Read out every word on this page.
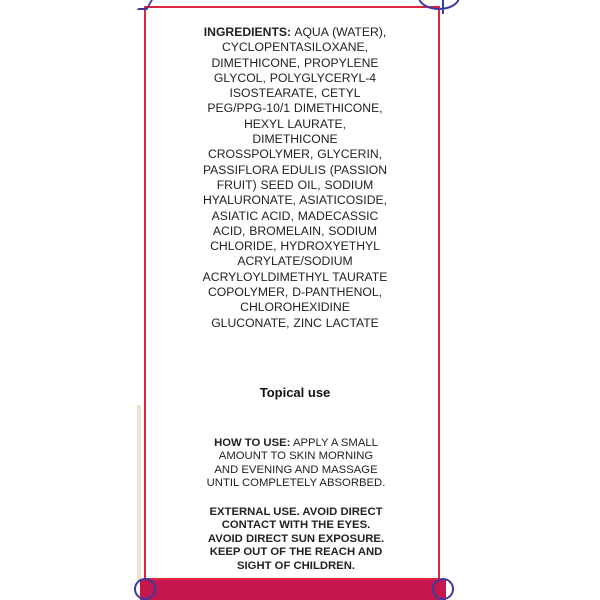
INGREDIENTS: AQUA (WATER), CYCLOPENTASILOXANE, DIMETHICONE, PROPYLENE GLYCOL, POLYGLYCERYL-4 ISOSTEARATE, CETYL PEG/PPG-10/1 DIMETHICONE, HEXYL LAURATE, DIMETHICONE CROSSPOLYMER, GLYCERIN, PASSIFLORA EDULIS (PASSION FRUIT) SEED OIL, SODIUM HYALURONATE, ASIATICOSIDE, ASIATIC ACID, MADECASSIC ACID, BROMELAIN, SODIUM CHLORIDE, HYDROXYETHYL ACRYLATE/SODIUM ACRYLOYLDIMETHYL TAURATE COPOLYMER, D-PANTHENOL, CHLOROHEXIDINE GLUCONATE, ZINC LACTATE
Topical use
HOW TO USE: APPLY A SMALL AMOUNT TO SKIN MORNING AND EVENING AND MASSAGE UNTIL COMPLETELY ABSORBED.
EXTERNAL USE. AVOID DIRECT CONTACT WITH THE EYES. AVOID DIRECT SUN EXPOSURE. KEEP OUT OF THE REACH AND SIGHT OF CHILDREN.
